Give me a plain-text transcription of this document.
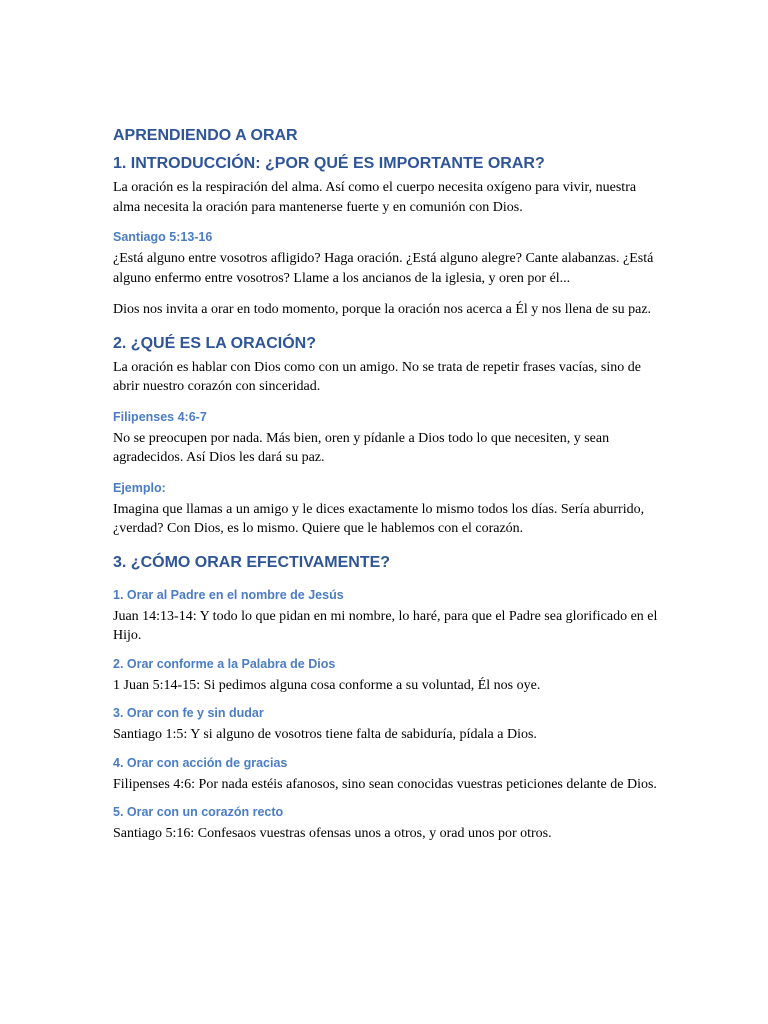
APRENDIENDO A ORAR
1. INTRODUCCIÓN: ¿POR QUÉ ES IMPORTANTE ORAR?

La oración es la respiración del alma. Así como el cuerpo necesita oxígeno para vivir, nuestra alma necesita la oración para mantenerse fuerte y en comunión con Dios.

Santiago 5:13-16

¿Está alguno entre vosotros afligido? Haga oración. ¿Está alguno alegre? Cante alabanzas. ¿Está alguno enfermo entre vosotros? Llame a los ancianos de la iglesia, y oren por él...

Dios nos invita a orar en todo momento, porque la oración nos acerca a Él y nos llena de su paz.

2. ¿QUÉ ES LA ORACIÓN?

La oración es hablar con Dios como con un amigo. No se trata de repetir frases vacías, sino de abrir nuestro corazón con sinceridad.

Filipenses 4:6-7

No se preocupen por nada. Más bien, oren y pídanle a Dios todo lo que necesiten, y sean agradecidos. Así Dios les dará su paz.

Ejemplo:

Imagina que llamas a un amigo y le dices exactamente lo mismo todos los días. Sería aburrido, ¿verdad? Con Dios, es lo mismo. Quiere que le hablemos con el corazón.

3. ¿CÓMO ORAR EFECTIVAMENTE?
1. Orar al Padre en el nombre de Jesús

Juan 14:13-14: Y todo lo que pidan en mi nombre, lo haré, para que el Padre sea glorificado en el Hijo.

2. Orar conforme a la Palabra de Dios

1 Juan 5:14-15: Si pedimos alguna cosa conforme a su voluntad, Él nos oye.

3. Orar con fe y sin dudar

Santiago 1:5: Y si alguno de vosotros tiene falta de sabiduría, pídala a Dios.

4. Orar con acción de gracias

Filipenses 4:6: Por nada estéis afanosos, sino sean conocidas vuestras peticiones delante de Dios.

5. Orar con un corazón recto

Santiago 5:16: Confesaos vuestras ofensas unos a otros, y orad unos por otros.
